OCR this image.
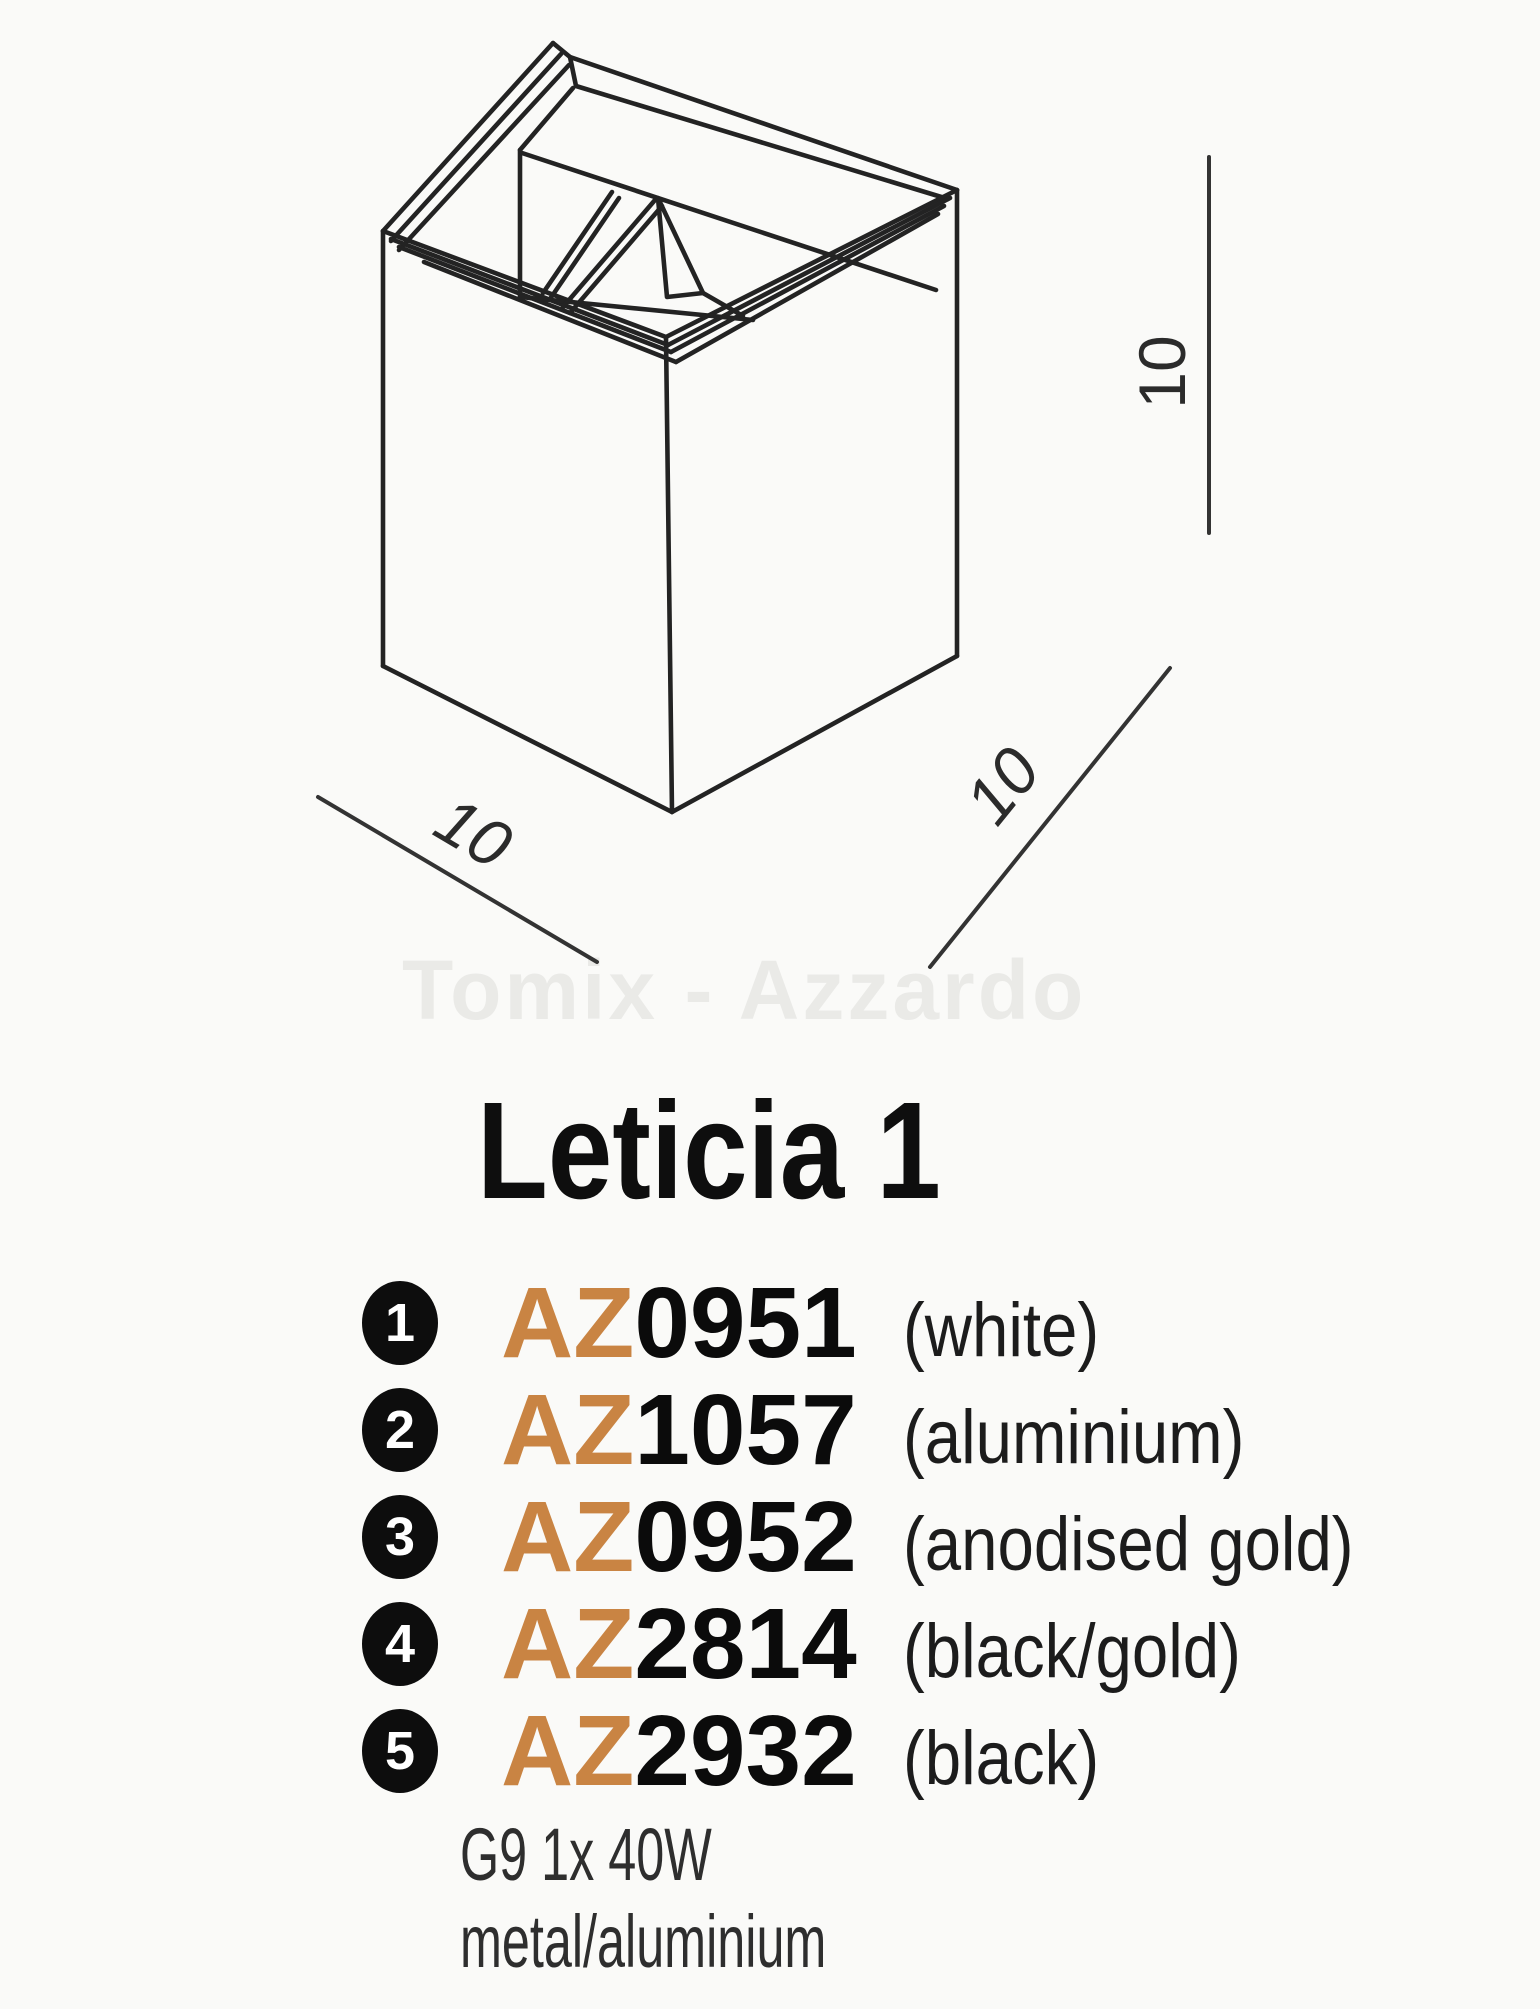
Tomix - Azzardo
10	10
10
Leticia 1
1 AZ0951 (white)
2 AZ1057 (aluminium)
3 AZ0952 (anodised gold)
4 AZ2814 (black/gold)
5 AZ2932 (black)
G9 1x 40W
metal/aluminium
